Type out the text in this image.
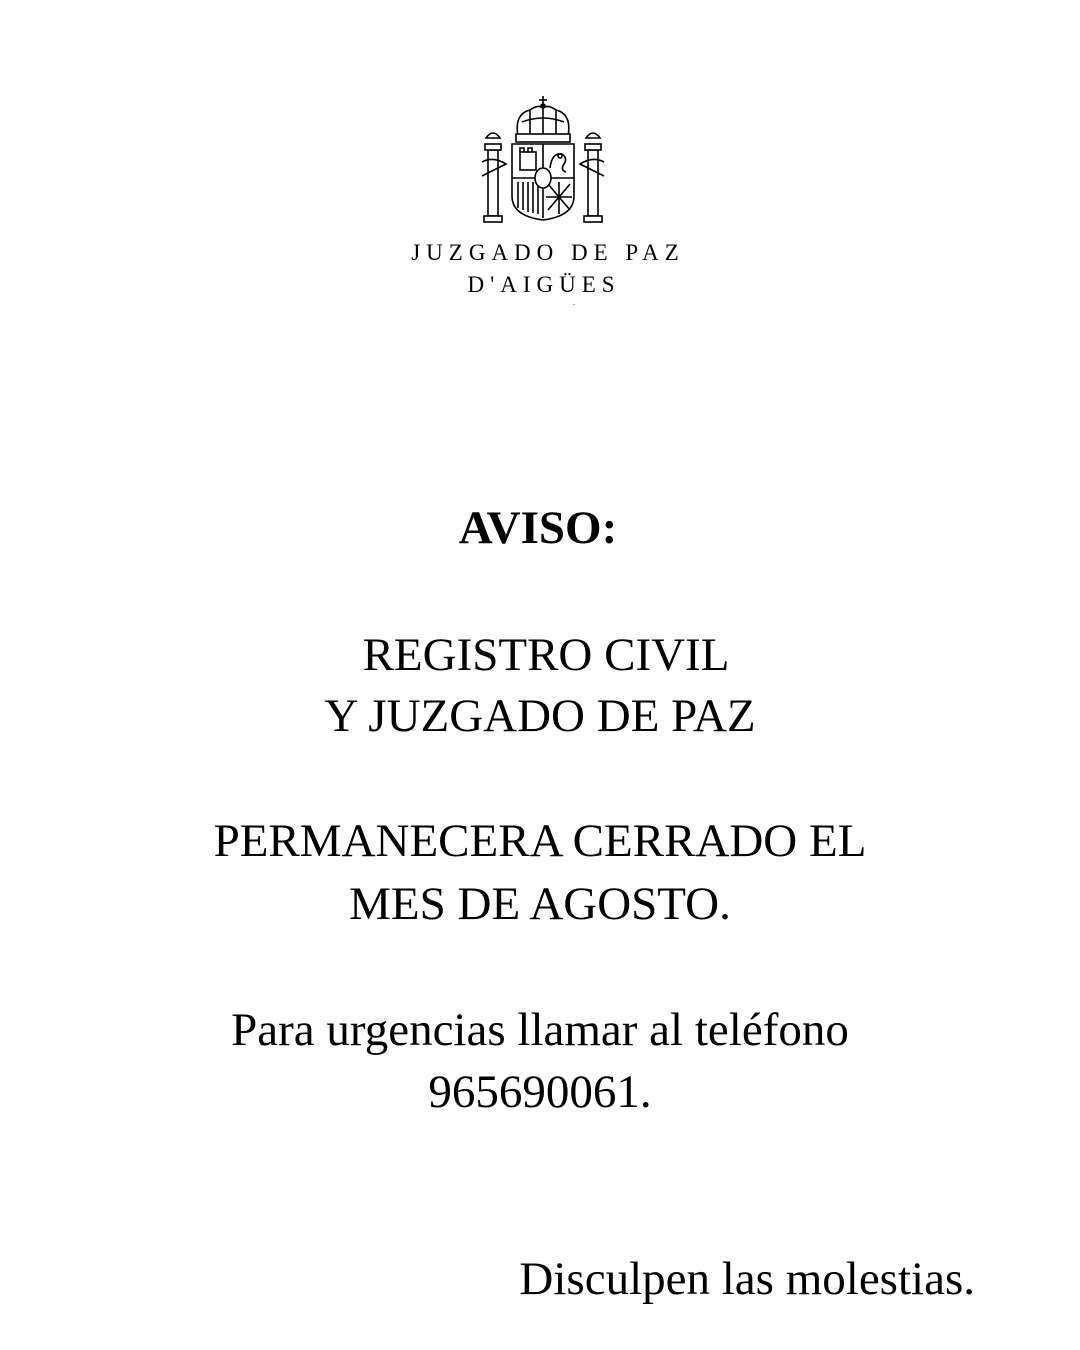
JUZGADO DE PAZ
D'AIGÜES
¨
AVISO:
REGISTRO CIVIL
Y JUZGADO DE PAZ
PERMANECERA CERRADO EL
MES DE AGOSTO.
Para urgencias llamar al teléfono
965690061.
Disculpen las molestias.
